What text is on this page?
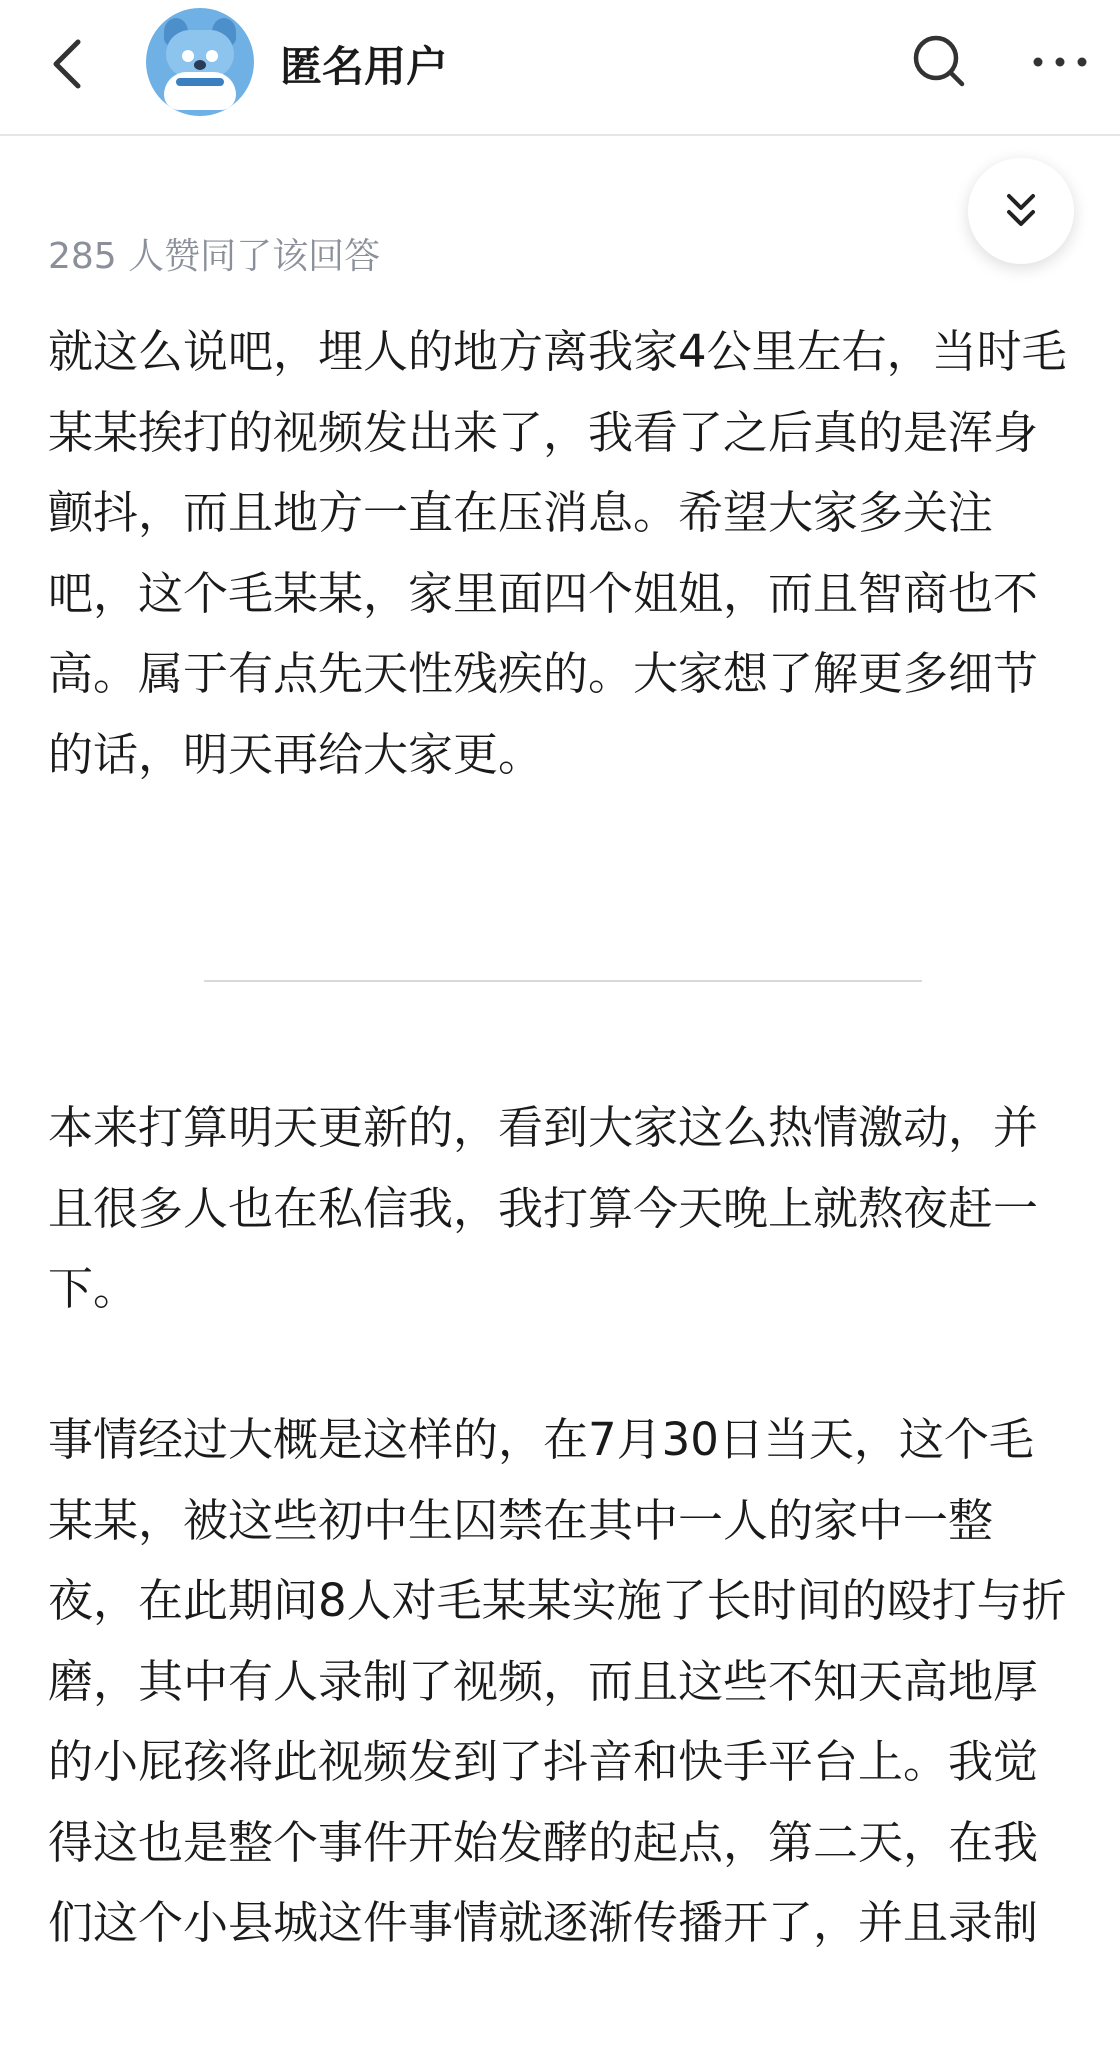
匿名用户
285 人赞同了该回答
就这么说吧，埋人的地方离我家4公里左右，当时毛某某挨打的视频发出来了，我看了之后真的是浑身颤抖，而且地方一直在压消息。希望大家多关注吧，这个毛某某，家里面四个姐姐，而且智商也不高。属于有点先天性残疾的。大家想了解更多细节的话，明天再给大家更。
本来打算明天更新的，看到大家这么热情激动，并且很多人也在私信我，我打算今天晚上就熬夜赶一下。
事情经过大概是这样的，在7月30日当天，这个毛某某，被这些初中生囚禁在其中一人的家中一整夜，在此期间8人对毛某某实施了长时间的殴打与折磨，其中有人录制了视频，而且这些不知天高地厚的小屁孩将此视频发到了抖音和快手平台上。我觉得这也是整个事件开始发酵的起点，第二天，在我们这个小县城这件事情就逐渐传播开了，并且录制
